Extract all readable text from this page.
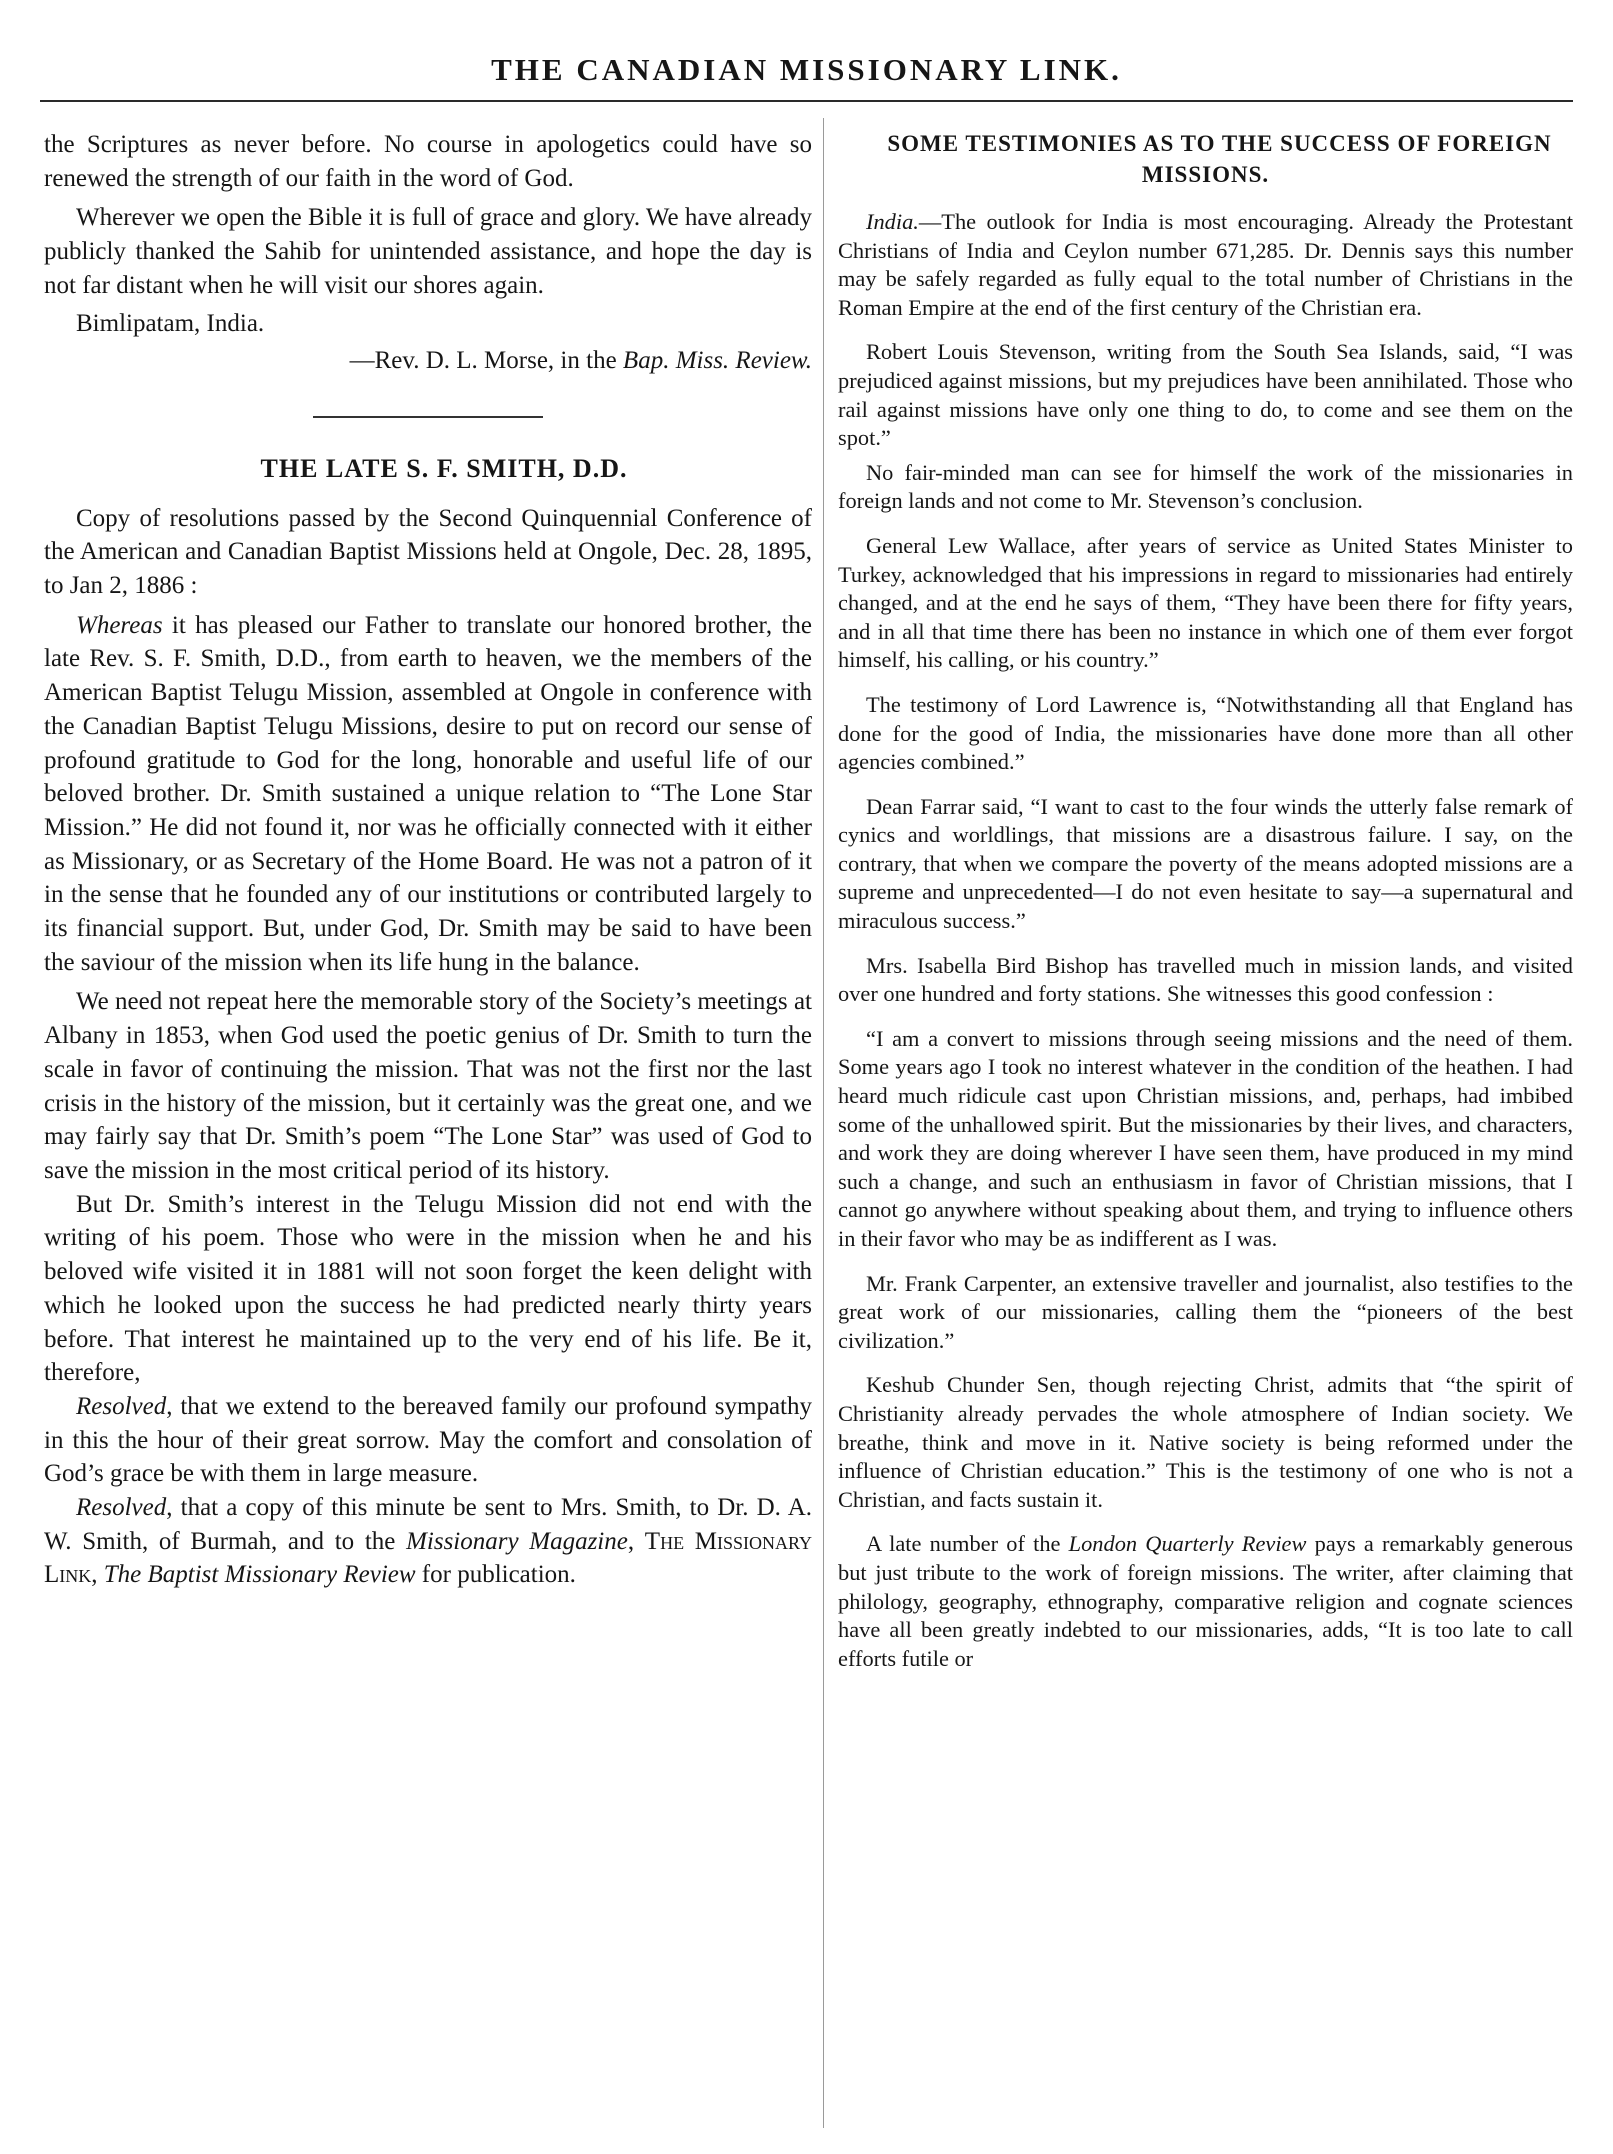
THE CANADIAN MISSIONARY LINK.

the Scriptures as never before. No course in apologetics could have so renewed the strength of our faith in the word of God.

Wherever we open the Bible it is full of grace and glory. We have already publicly thanked the Sahib for unintended assistance, and hope the day is not far distant when he will visit our shores again.

Bimlipatam, India.

—Rev. D. L. Morse, in the Bap. Miss. Review.

THE LATE S. F. SMITH, D.D.

Copy of resolutions passed by the Second Quinquennial Conference of the American and Canadian Baptist Missions held at Ongole, Dec. 28, 1895, to Jan 2, 1886 :

Whereas it has pleased our Father to translate our honored brother, the late Rev. S. F. Smith, D.D., from earth to heaven, we the members of the American Baptist Telugu Mission, assembled at Ongole in conference with the Canadian Baptist Telugu Missions, desire to put on record our sense of profound gratitude to God for the long, honorable and useful life of our beloved brother. Dr. Smith sustained a unique relation to “The Lone Star Mission.” He did not found it, nor was he officially connected with it either as Missionary, or as Secretary of the Home Board. He was not a patron of it in the sense that he founded any of our institutions or contributed largely to its financial support. But, under God, Dr. Smith may be said to have been the saviour of the mission when its life hung in the balance.

We need not repeat here the memorable story of the Society’s meetings at Albany in 1853, when God used the poetic genius of Dr. Smith to turn the scale in favor of continuing the mission. That was not the first nor the last crisis in the history of the mission, but it certainly was the great one, and we may fairly say that Dr. Smith’s poem “The Lone Star” was used of God to save the mission in the most critical period of its history.

But Dr. Smith’s interest in the Telugu Mission did not end with the writing of his poem. Those who were in the mission when he and his beloved wife visited it in 1881 will not soon forget the keen delight with which he looked upon the success he had predicted nearly thirty years before. That interest he maintained up to the very end of his life. Be it, therefore,

Resolved, that we extend to the bereaved family our profound sympathy in this the hour of their great sorrow. May the comfort and consolation of God’s grace be with them in large measure.

Resolved, that a copy of this minute be sent to Mrs. Smith, to Dr. D. A. W. Smith, of Burmah, and to the Missionary Magazine, The Missionary Link, The Baptist Missionary Review for publication.

SOME TESTIMONIES AS TO THE SUCCESS OF FOREIGN MISSIONS.

India.—The outlook for India is most encouraging. Already the Protestant Christians of India and Ceylon number 671,285. Dr. Dennis says this number may be safely regarded as fully equal to the total number of Christians in the Roman Empire at the end of the first century of the Christian era.

Robert Louis Stevenson, writing from the South Sea Islands, said, “I was prejudiced against missions, but my prejudices have been annihilated. Those who rail against missions have only one thing to do, to come and see them on the spot.”

No fair-minded man can see for himself the work of the missionaries in foreign lands and not come to Mr. Stevenson’s conclusion.

General Lew Wallace, after years of service as United States Minister to Turkey, acknowledged that his impressions in regard to missionaries had entirely changed, and at the end he says of them, “They have been there for fifty years, and in all that time there has been no instance in which one of them ever forgot himself, his calling, or his country.”

The testimony of Lord Lawrence is, “Notwithstanding all that England has done for the good of India, the missionaries have done more than all other agencies combined.”

Dean Farrar said, “I want to cast to the four winds the utterly false remark of cynics and worldlings, that missions are a disastrous failure. I say, on the contrary, that when we compare the poverty of the means adopted missions are a supreme and unprecedented—I do not even hesitate to say—a supernatural and miraculous success.”

Mrs. Isabella Bird Bishop has travelled much in mission lands, and visited over one hundred and forty stations. She witnesses this good confession :

“I am a convert to missions through seeing missions and the need of them. Some years ago I took no interest whatever in the condition of the heathen. I had heard much ridicule cast upon Christian missions, and, perhaps, had imbibed some of the unhallowed spirit. But the missionaries by their lives, and characters, and work they are doing wherever I have seen them, have produced in my mind such a change, and such an enthusiasm in favor of Christian missions, that I cannot go anywhere without speaking about them, and trying to influence others in their favor who may be as indifferent as I was.

Mr. Frank Carpenter, an extensive traveller and journalist, also testifies to the great work of our missionaries, calling them the “pioneers of the best civilization.”

Keshub Chunder Sen, though rejecting Christ, admits that “the spirit of Christianity already pervades the whole atmosphere of Indian society. We breathe, think and move in it. Native society is being reformed under the influence of Christian education.” This is the testimony of one who is not a Christian, and facts sustain it.

A late number of the London Quarterly Review pays a remarkably generous but just tribute to the work of foreign missions. The writer, after claiming that philology, geography, ethnography, comparative religion and cognate sciences have all been greatly indebted to our missionaries, adds, “It is too late to call efforts futile or
